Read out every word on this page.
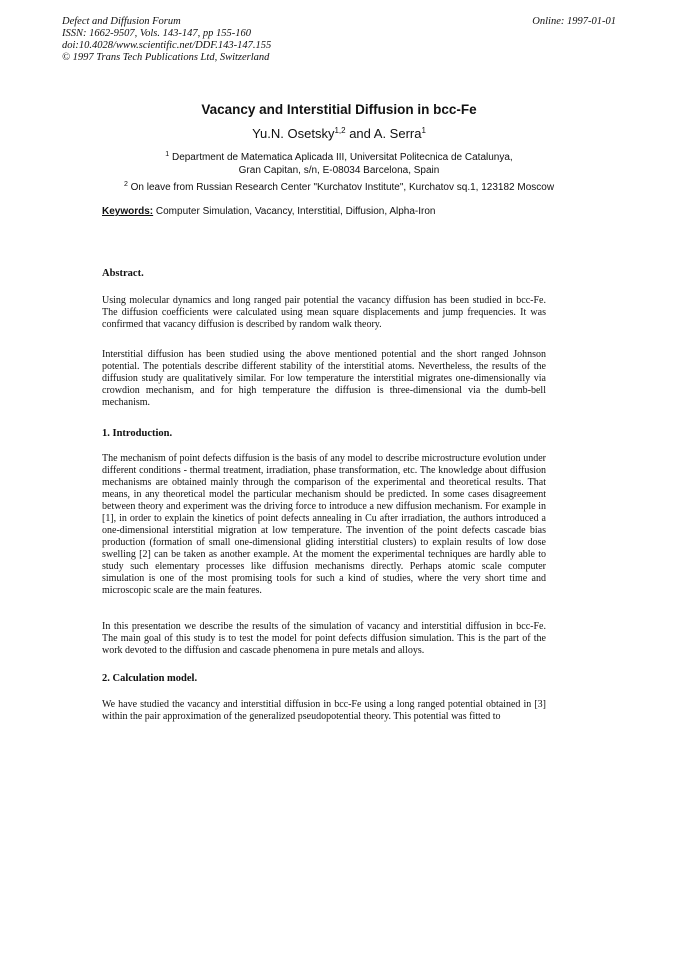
Defect and Diffusion Forum
ISSN: 1662-9507, Vols. 143-147, pp 155-160
doi:10.4028/www.scientific.net/DDF.143-147.155
© 1997 Trans Tech Publications Ltd, Switzerland
Online: 1997-01-01
Vacancy and Interstitial Diffusion in bcc-Fe
Yu.N. Osetsky$^{1,2}$ and A. Serra$^1$
$^1$ Department de Matematica Aplicada III, Universitat Politecnica de Catalunya,
Gran Capitan, s/n, E-08034 Barcelona, Spain
$^2$ On leave from Russian Research Center "Kurchatov Institute", Kurchatov sq.1, 123182 Moscow
Keywords: Computer Simulation, Vacancy, Interstitial, Diffusion, Alpha-Iron
Abstract.
Using molecular dynamics and long ranged pair potential the vacancy diffusion has been studied in bcc-Fe. The diffusion coefficients were calculated using mean square displacements and jump frequencies. It was confirmed that vacancy diffusion is described by random walk theory.
Interstitial diffusion has been studied using the above mentioned potential and the short ranged Johnson potential. The potentials describe different stability of the interstitial atoms. Nevertheless, the results of the diffusion study are qualitatively similar. For low temperature the interstitial migrates one-dimensionally via crowdion mechanism, and for high temperature the diffusion is three-dimensional via the dumb-bell mechanism.
1. Introduction.
The mechanism of point defects diffusion is the basis of any model to describe microstructure evolution under different conditions - thermal treatment, irradiation, phase transformation, etc. The knowledge about diffusion mechanisms are obtained mainly through the comparison of the experimental and theoretical results. That means, in any theoretical model the particular mechanism should be predicted. In some cases disagreement between theory and experiment was the driving force to introduce a new diffusion mechanism. For example in [1], in order to explain the kinetics of point defects annealing in Cu after irradiation, the authors introduced a one-dimensional interstitial migration at low temperature. The invention of the point defects cascade bias production (formation of small one-dimensional gliding interstitial clusters) to explain results of low dose swelling [2] can be taken as another example. At the moment the experimental techniques are hardly able to study such elementary processes like diffusion mechanisms directly. Perhaps atomic scale computer simulation is one of the most promising tools for such a kind of studies, where the very short time and microscopic scale are the main features.
In this presentation we describe the results of the simulation of vacancy and interstitial diffusion in bcc-Fe. The main goal of this study is to test the model for point defects diffusion simulation. This is the part of the work devoted to the diffusion and cascade phenomena in pure metals and alloys.
2. Calculation model.
We have studied the vacancy and interstitial diffusion in bcc-Fe using a long ranged potential obtained in [3] within the pair approximation of the generalized pseudopotential theory. This potential was fitted to
